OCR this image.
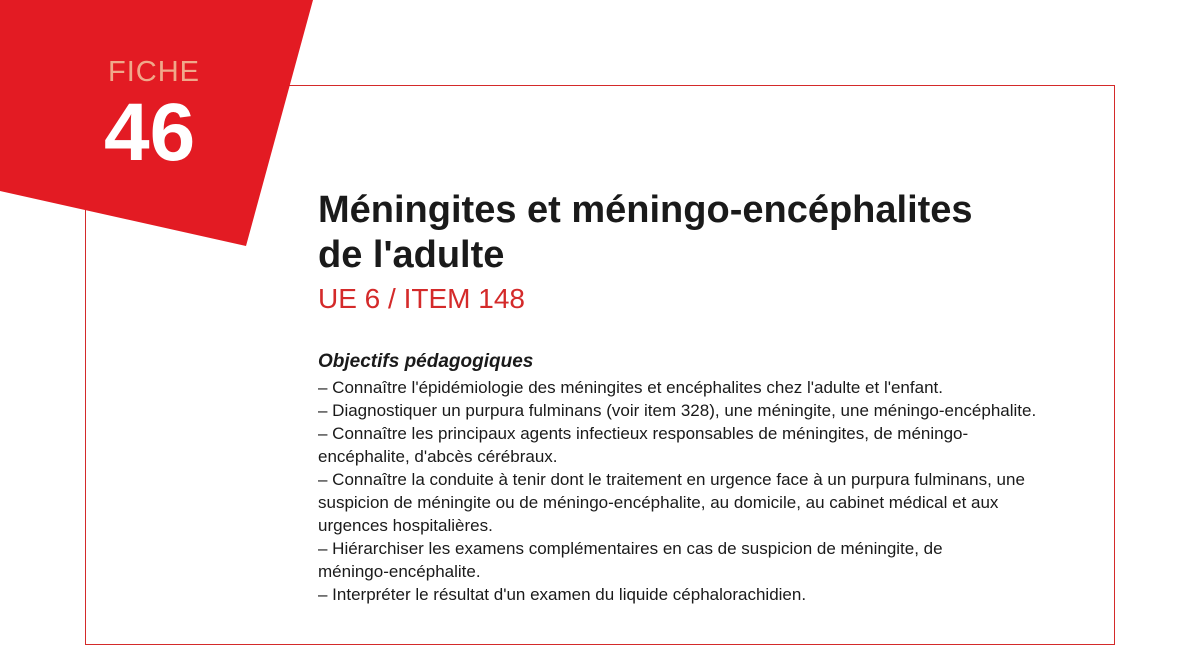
FICHE
46
Méningites et méningo-encéphalites
de l'adulte
UE 6 / ITEM 148
Objectifs pédagogiques

– Connaître l'épidémiologie des méningites et encéphalites chez l'adulte et l'enfant.

– Diagnostiquer un purpura fulminans (voir item 328), une méningite, une méningo-encéphalite.

– Connaître les principaux agents infectieux responsables de méningites, de méningo-

encéphalite, d'abcès cérébraux.

– Connaître la conduite à tenir dont le traitement en urgence face à un purpura fulminans, une

suspicion de méningite ou de méningo-encéphalite, au domicile, au cabinet médical et aux

urgences hospitalières.

– Hiérarchiser les examens complémentaires en cas de suspicion de méningite, de

méningo-encéphalite.

– Interpréter le résultat d'un examen du liquide céphalorachidien.
